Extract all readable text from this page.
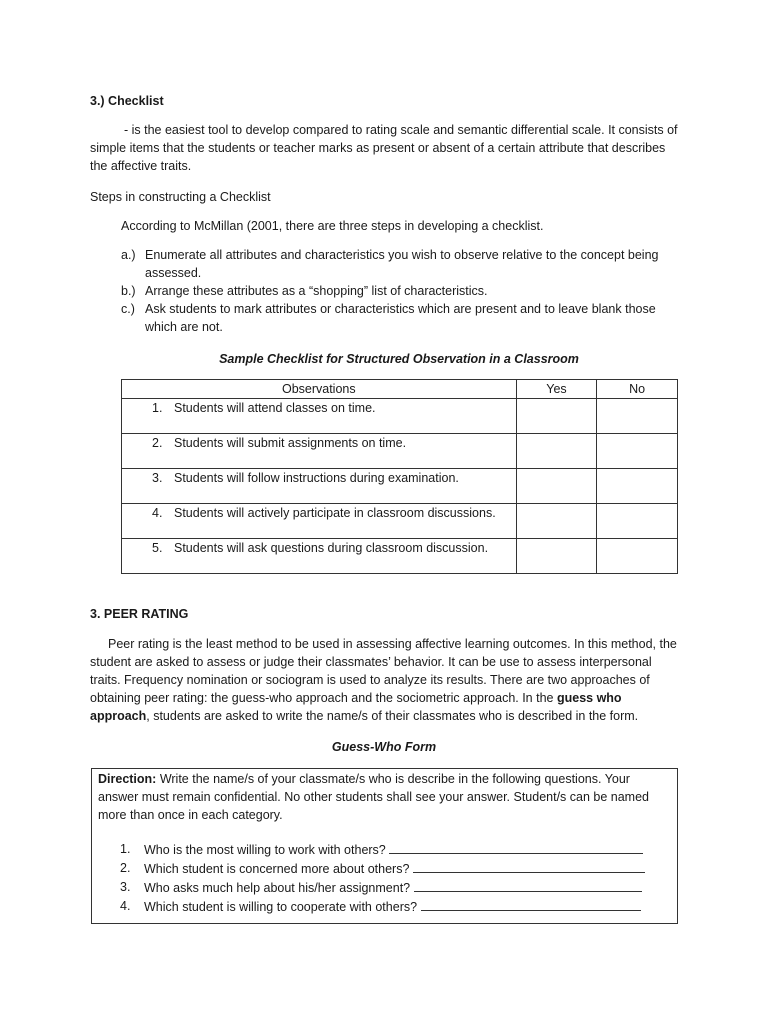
3.) Checklist
- is the easiest tool to develop compared to rating scale and semantic differential scale. It consists of simple items that the students or teacher marks as present or absent of a certain attribute that describes the affective traits.
Steps in constructing a Checklist
According to McMillan (2001, there are three steps in developing a checklist.
a.) Enumerate all attributes and characteristics you wish to observe relative to the concept being assessed.
b.) Arrange these attributes as a “shopping” list of characteristics.
c.) Ask students to mark attributes or characteristics which are present and to leave blank those which are not.
Sample Checklist for Structured Observation in a Classroom
Observations	Yes	No

1. Students will attend classes on time.		

2. Students will submit assignments on time.		

3. Students will follow instructions during examination.		

4. Students will actively participate in classroom discussions.		

5. Students will ask questions during classroom discussion.		
3. PEER RATING
Peer rating is the least method to be used in assessing affective learning outcomes. In this method, the student are asked to assess or judge their classmates’ behavior. It can be use to assess interpersonal traits. Frequency nomination or sociogram is used to analyze its results. There are two approaches of obtaining peer rating: the guess-who approach and the sociometric approach. In the guess who approach, students are asked to write the name/s of their classmates who is described in the form.
Guess-Who Form
Direction: Write the name/s of your classmate/s who is describe in the following questions. Your answer must remain confidential. No other students shall see your answer. Student/s can be named more than once in each category.
1. Who is the most willing to work with others?
2. Which student is concerned more about others?
3. Who asks much help about his/her assignment?
4. Which student is willing to cooperate with others?
